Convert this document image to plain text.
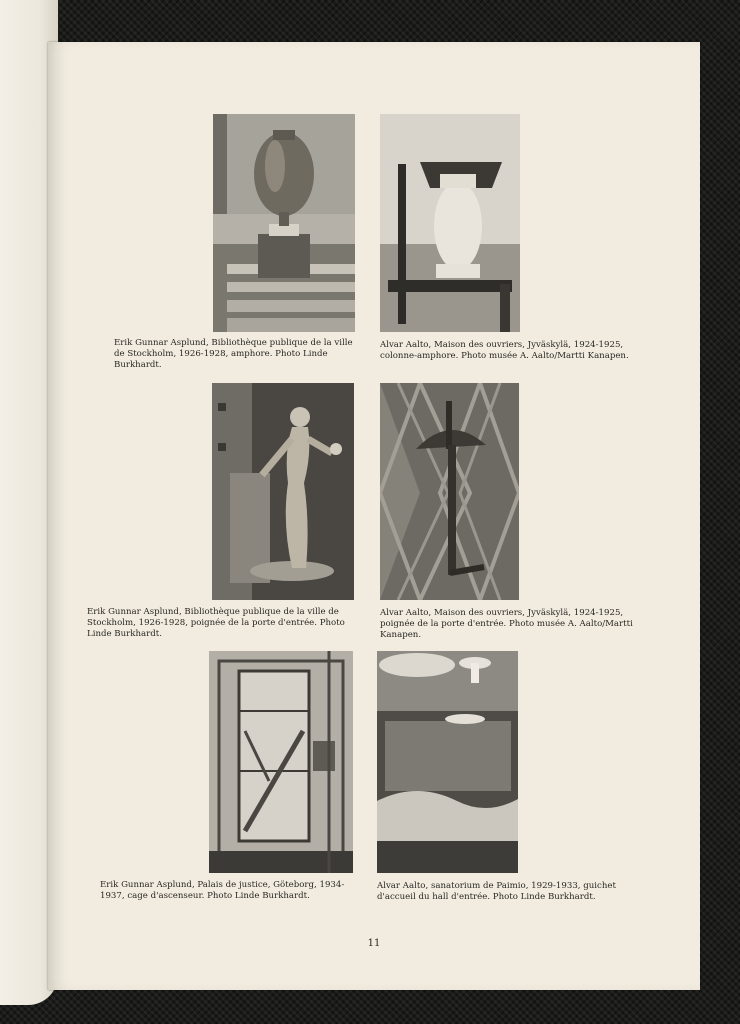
Erik Gunnar Asplund, Bibliothèque publique de la ville de Stockholm, 1926-1928, amphore. Photo Linde Burkhardt.

Alvar Aalto, Maison des ouvriers, Jyväskylä, 1924-1925, colonne-amphore. Photo musée A. Aalto/Martti Kanapen.

Erik Gunnar Asplund, Bibliothèque publique de la ville de Stockholm, 1926-1928, poignée de la porte d'entrée. Photo Linde Burkhardt.

Alvar Aalto, Maison des ouvriers, Jyväskylä, 1924-1925, poignée de la porte d'entrée. Photo musée A. Aalto/Martti Kanapen.

Erik Gunnar Asplund, Palais de justice, Göteborg, 1934-1937, cage d'ascenseur. Photo Linde Burkhardt.

Alvar Aalto, sanatorium de Paimio, 1929-1933, guichet d'accueil du hall d'entrée. Photo Linde Burkhardt.

11
